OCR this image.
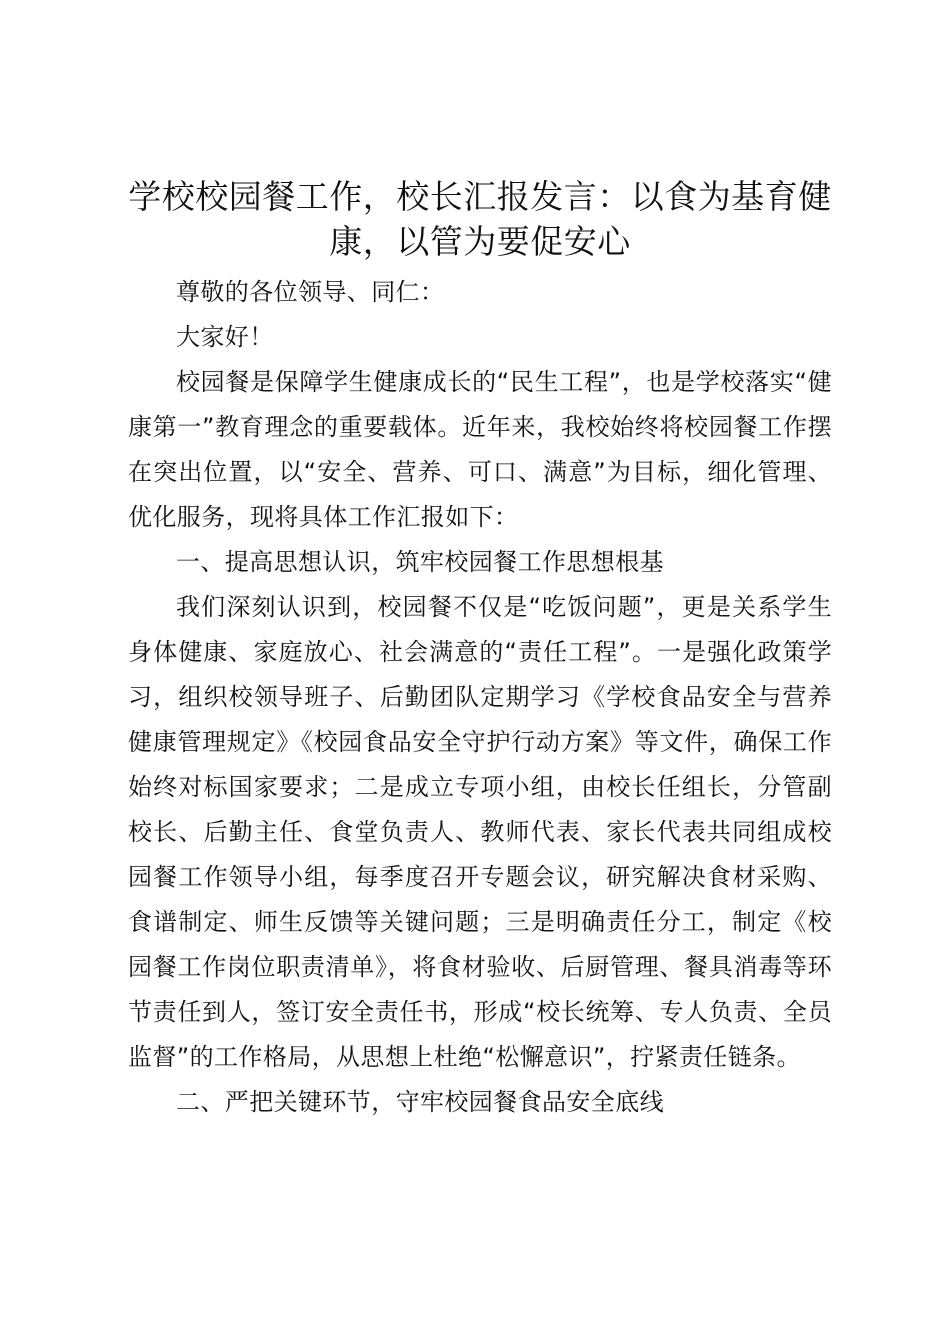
学校校园餐工作，校长汇报发言：以食为基育健康，以管为要促安心

尊敬的各位领导、同仁：

大家好！

校园餐是保障学生健康成长的“民生工程”，也是学校落实“健康第一”教育理念的重要载体。近年来，我校始终将校园餐工作摆在突出位置，以“安全、营养、可口、满意”为目标，细化管理、优化服务，现将具体工作汇报如下：

一、提高思想认识，筑牢校园餐工作思想根基

我们深刻认识到，校园餐不仅是“吃饭问题”，更是关系学生身体健康、家庭放心、社会满意的“责任工程”。一是强化政策学习，组织校领导班子、后勤团队定期学习《学校食品安全与营养健康管理规定》《校园食品安全守护行动方案》等文件，确保工作始终对标国家要求；二是成立专项小组，由校长任组长，分管副校长、后勤主任、食堂负责人、教师代表、家长代表共同组成校园餐工作领导小组，每季度召开专题会议，研究解决食材采购、食谱制定、师生反馈等关键问题；三是明确责任分工，制定《校园餐工作岗位职责清单》，将食材验收、后厨管理、餐具消毒等环节责任到人，签订安全责任书，形成“校长统筹、专人负责、全员监督”的工作格局，从思想上杜绝“松懈意识”，拧紧责任链条。

二、严把关键环节，守牢校园餐食品安全底线
